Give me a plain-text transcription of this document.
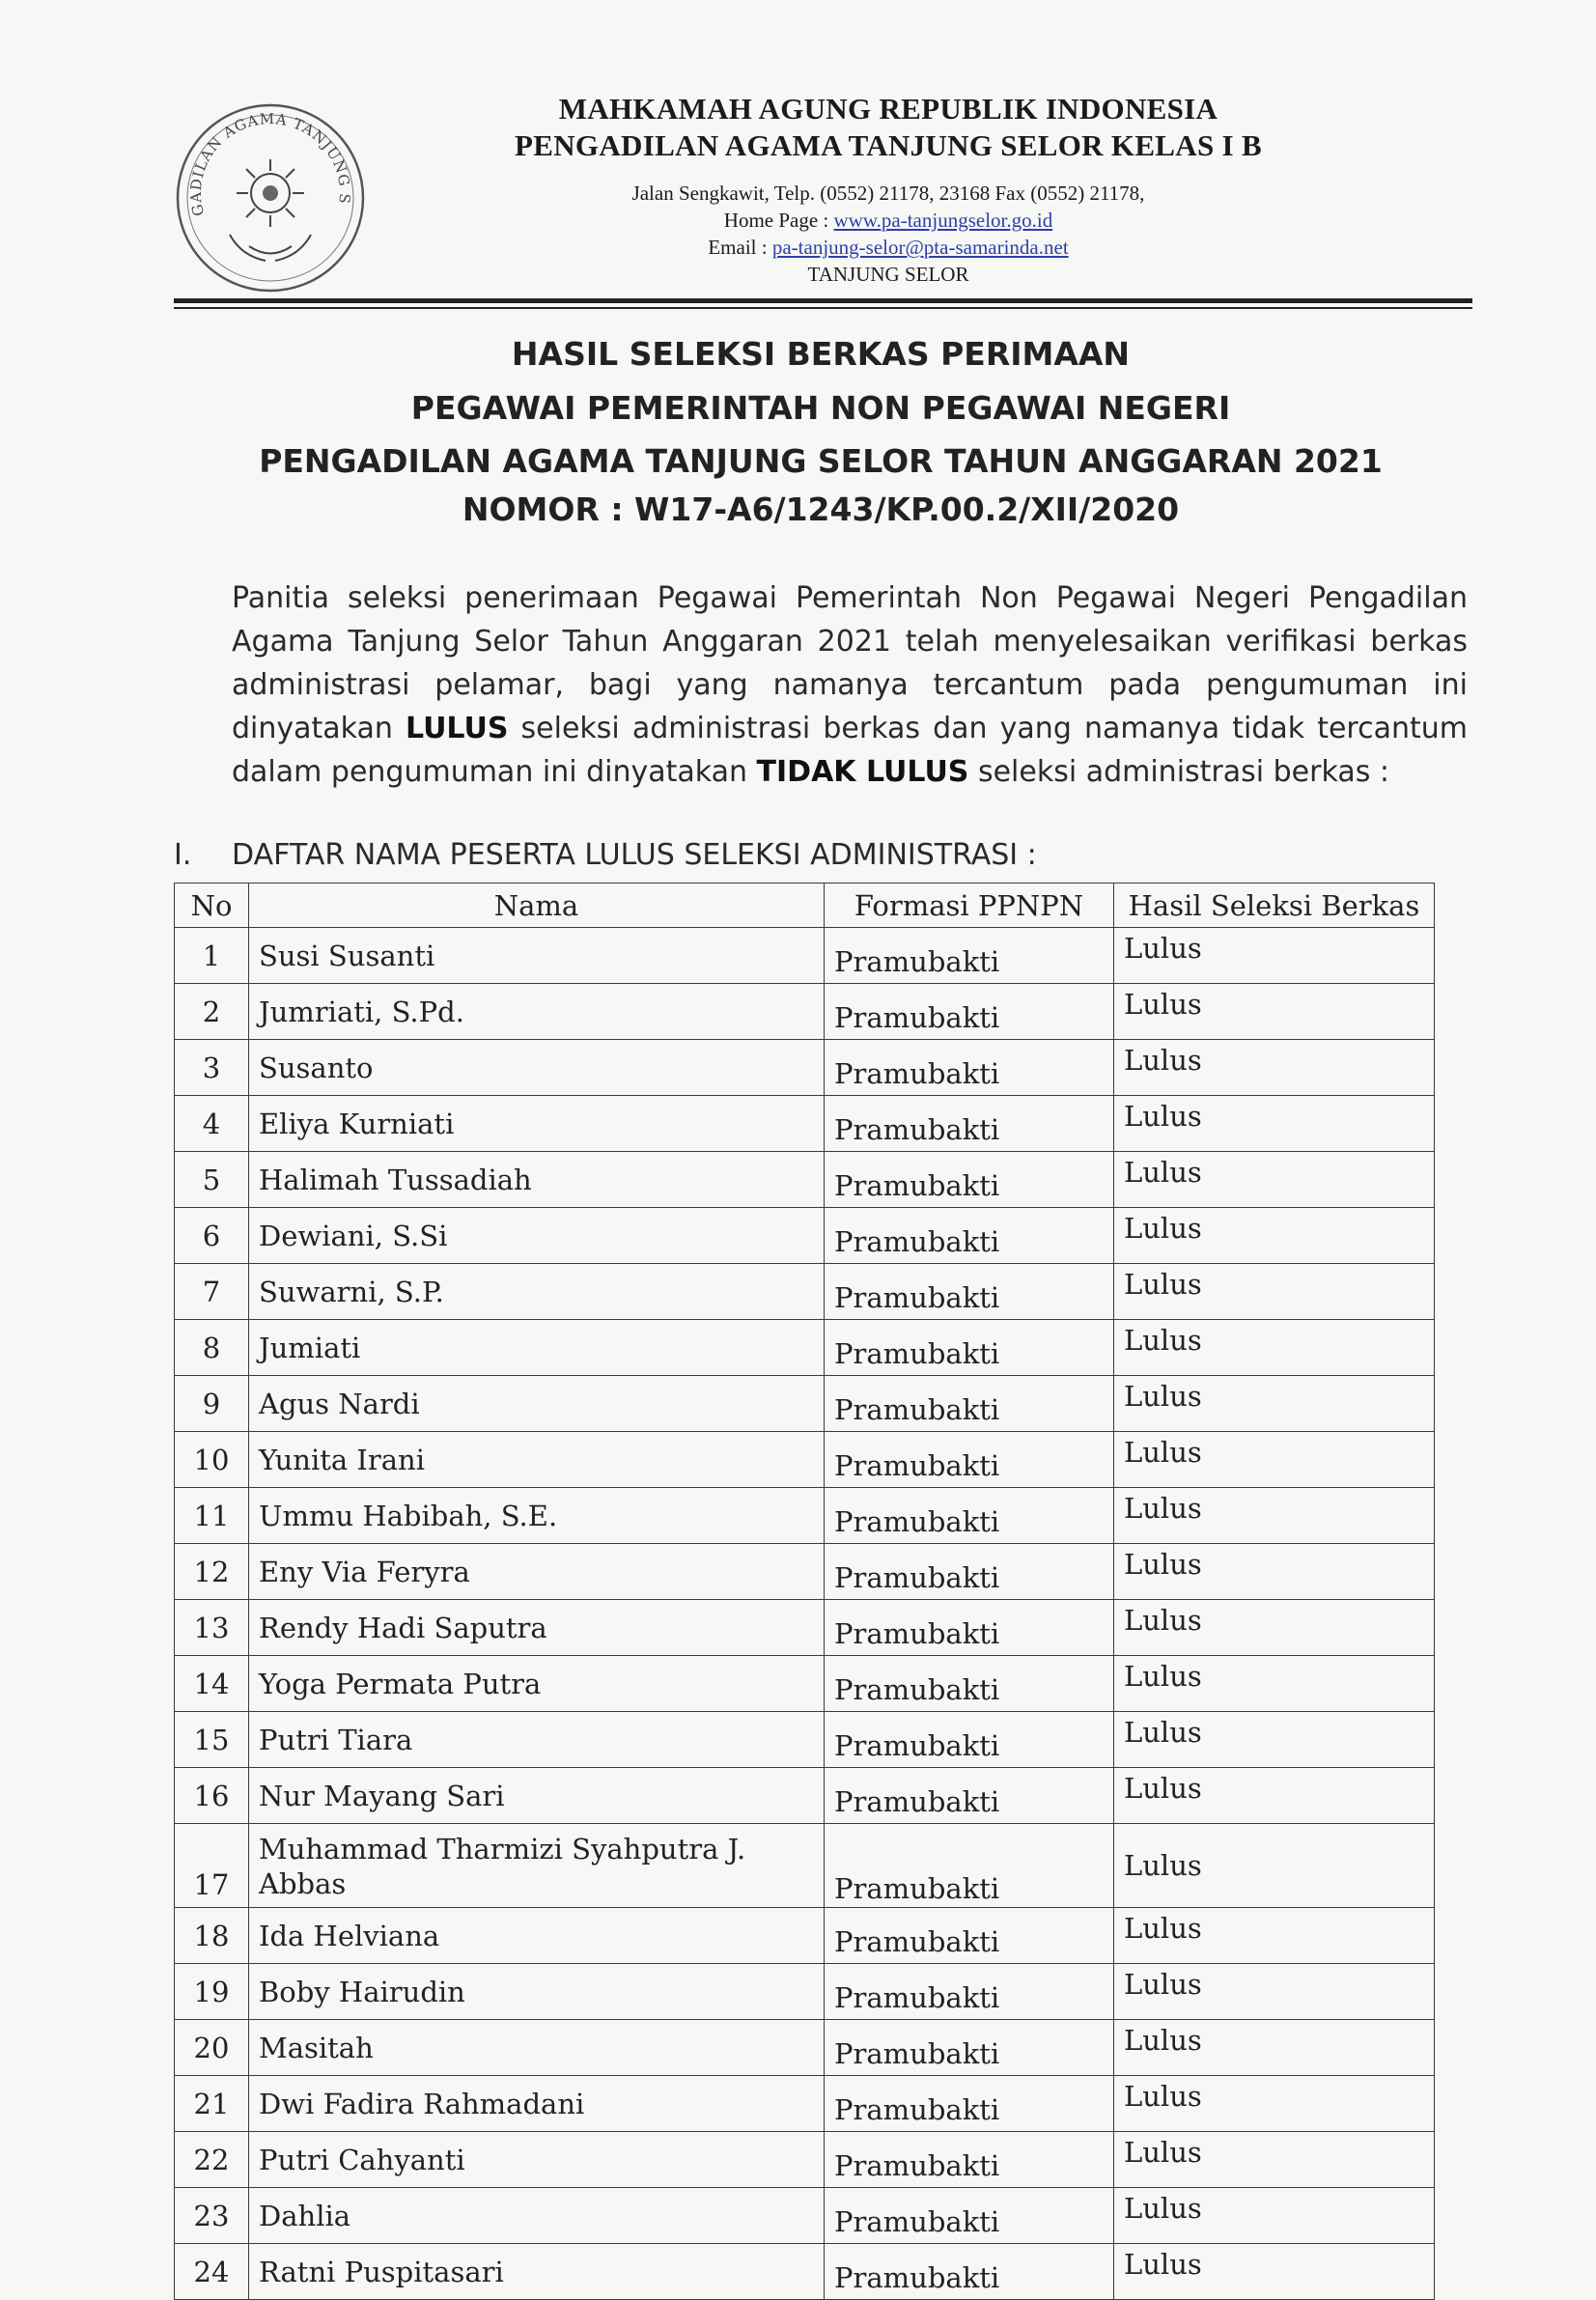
GADILAN AGAMA TANJUNG S
MAHKAMAH AGUNG REPUBLIK INDONESIA
PENGADILAN AGAMA TANJUNG SELOR KELAS I B
Jalan Sengkawit, Telp. (0552) 21178, 23168 Fax (0552) 21178,
Home Page : www.pa-tanjungselor.go.id
Email : pa-tanjung-selor@pta-samarinda.net
TANJUNG SELOR
HASIL SELEKSI BERKAS PERIMAAN
PEGAWAI PEMERINTAH NON PEGAWAI NEGERI
PENGADILAN AGAMA TANJUNG SELOR TAHUN ANGGARAN 2021
NOMOR : W17-A6/1243/KP.00.2/XII/2020
Panitia seleksi penerimaan Pegawai Pemerintah Non Pegawai Negeri Pengadilan Agama Tanjung Selor Tahun Anggaran 2021 telah menyelesaikan verifikasi berkas administrasi pelamar, bagi yang namanya tercantum pada pengumuman ini dinyatakan LULUS seleksi administrasi berkas dan yang namanya tidak tercantum dalam pengumuman ini dinyatakan TIDAK LULUS seleksi administrasi berkas :
I. DAFTAR NAMA PESERTA LULUS SELEKSI ADMINISTRASI :
No	Nama	Formasi PPNPN	Hasil Seleksi Berkas
1	Susi Susanti	Pramubakti	Lulus
2	Jumriati, S.Pd.	Pramubakti	Lulus
3	Susanto	Pramubakti	Lulus
4	Eliya Kurniati	Pramubakti	Lulus
5	Halimah Tussadiah	Pramubakti	Lulus
6	Dewiani, S.Si	Pramubakti	Lulus
7	Suwarni, S.P.	Pramubakti	Lulus
8	Jumiati	Pramubakti	Lulus
9	Agus Nardi	Pramubakti	Lulus
10	Yunita Irani	Pramubakti	Lulus
11	Ummu Habibah, S.E.	Pramubakti	Lulus
12	Eny Via Feryra	Pramubakti	Lulus
13	Rendy Hadi Saputra	Pramubakti	Lulus
14	Yoga Permata Putra	Pramubakti	Lulus
15	Putri Tiara	Pramubakti	Lulus
16	Nur Mayang Sari	Pramubakti	Lulus
17	Muhammad Tharmizi Syahputra J. Abbas	Pramubakti	Lulus
18	Ida Helviana	Pramubakti	Lulus
19	Boby Hairudin	Pramubakti	Lulus
20	Masitah	Pramubakti	Lulus
21	Dwi Fadira Rahmadani	Pramubakti	Lulus
22	Putri Cahyanti	Pramubakti	Lulus
23	Dahlia	Pramubakti	Lulus
24	Ratni Puspitasari	Pramubakti	Lulus
